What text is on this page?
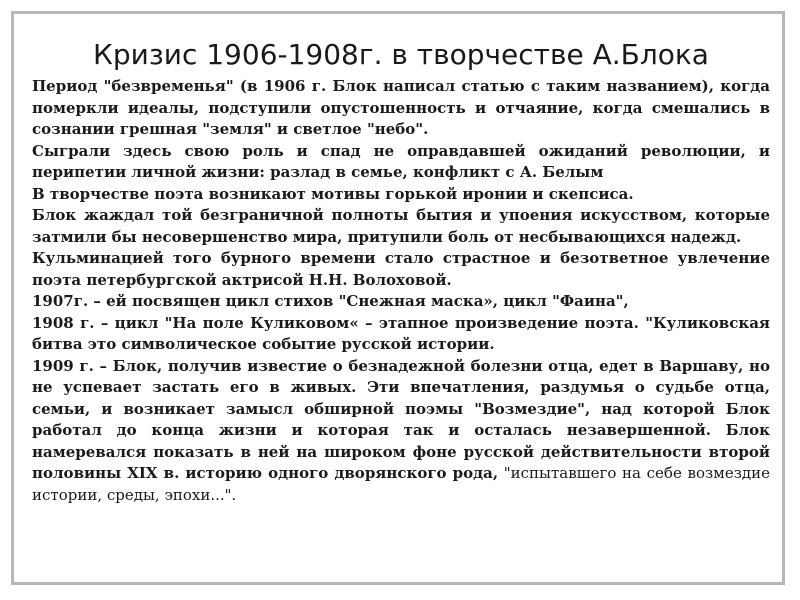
Кризис 1906-1908г. в творчестве А.Блока

Период "безвременья" (в 1906 г. Блок написал статью с таким названием), когда померкли идеалы, подступили опустошенность и отчаяние, когда смешались в сознании грешная "земля" и светлое "небо".

Сыграли здесь свою роль и спад не оправдавшей ожиданий революции, и перипетии личной жизни: разлад в семье, конфликт с А. Белым

В творчестве поэта возникают мотивы горькой иронии и скепсиса.

Блок жаждал той безграничной полноты бытия и упоения искусством, которые затмили бы несовершенство мира, притупили боль от несбывающихся надежд.

Кульминацией того бурного времени стало страстное и безответное увлечение поэта петербургской актрисой Н.Н. Волоховой.

1907г. – ей посвящен цикл стихов "Снежная маска», цикл "Фаина",

1908 г. – цикл "На поле Куликовом« – этапное произведение поэта. "Куликовская битва это символическое событие русской истории.

1909 г. – Блок, получив известие о безнадежной болезни отца, едет в Варшаву, но не успевает застать его в живых. Эти впечатления, раздумья о судьбе отца, семьи, и возникает замысл обширной поэмы "Возмездие", над которой Блок работал до конца жизни и которая так и осталась незавершенной. Блок намеревался показать в ней на широком фоне русской действительности второй половины XIX в. историю одного дворянского рода, "испытавшего на себе возмездие истории, среды, эпохи...".
